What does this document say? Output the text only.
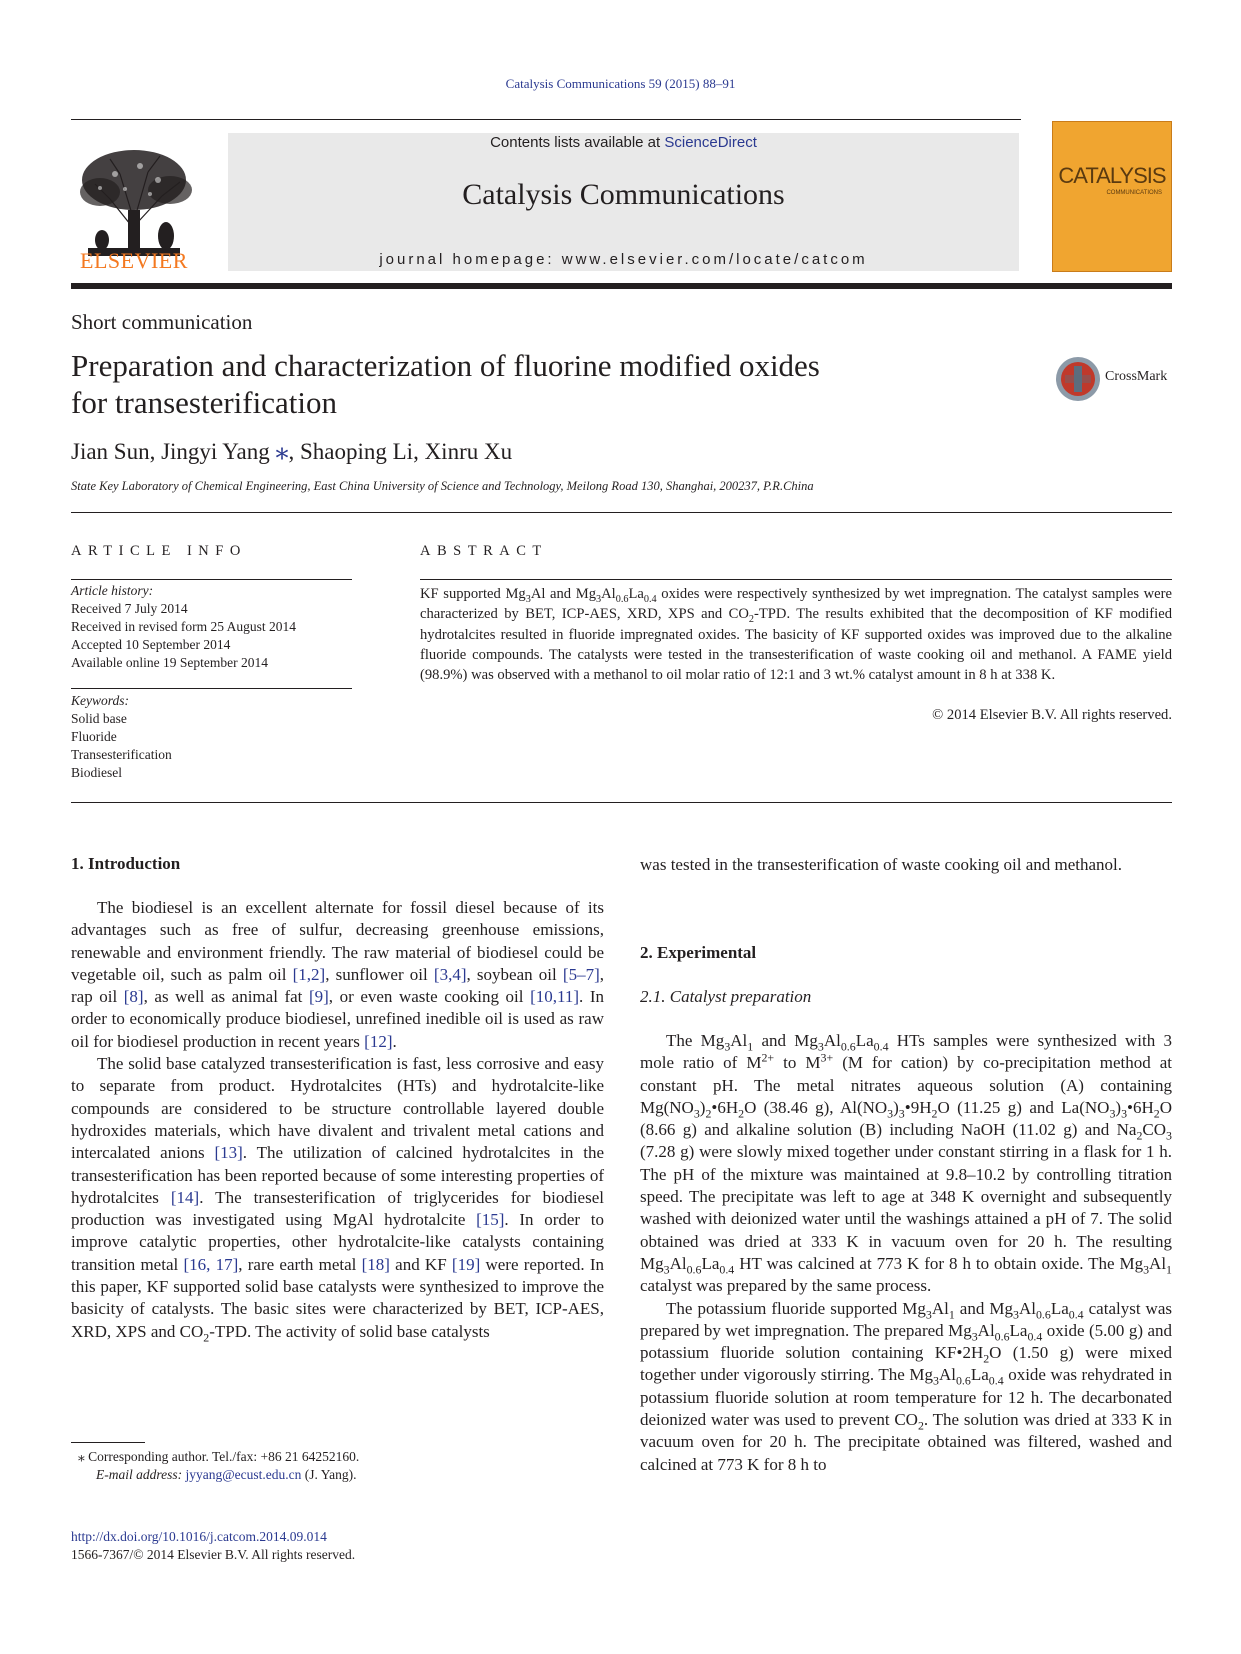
Catalysis Communications 59 (2015) 88–91
ELSEVIER
Contents lists available at ScienceDirect
Catalysis Communications
journal homepage: www.elsevier.com/locate/catcom
CATALYSIS
COMMUNICATIONS
Short communication
Preparation and characterization of fluorine modified oxides
for transesterification
CrossMark
Jian Sun, Jingyi Yang ⁎, Shaoping Li, Xinru Xu
State Key Laboratory of Chemical Engineering, East China University of Science and Technology, Meilong Road 130, Shanghai, 200237, P.R.China
ARTICLE INFO
Article history:
Received 7 July 2014
Received in revised form 25 August 2014
Accepted 10 September 2014
Available online 19 September 2014
Keywords:
Solid base
Fluoride
Transesterification
Biodiesel
ABSTRACT
KF supported $Mg_3Al$ and $Mg_3Al_{0.6}La_{0.4}$ oxides were respectively synthesized by wet impregnation. The catalyst samples were characterized by BET, ICP-AES, XRD, XPS and $CO_2$-TPD. The results exhibited that the decomposition of KF modified hydrotalcites resulted in fluoride impregnated oxides. The basicity of KF supported oxides was improved due to the alkaline fluoride compounds. The catalysts were tested in the transesterification of waste cooking oil and methanol. A FAME yield (98.9%) was observed with a methanol to oil molar ratio of 12:1 and 3 wt.% catalyst amount in 8 h at 338 K.
© 2014 Elsevier B.V. All rights reserved.
1. Introduction

The biodiesel is an excellent alternate for fossil diesel because of its advantages such as free of sulfur, decreasing greenhouse emissions, renewable and environment friendly. The raw material of biodiesel could be vegetable oil, such as palm oil [1,2], sunflower oil [3,4], soybean oil [5–7], rap oil [8], as well as animal fat [9], or even waste cooking oil [10,11]. In order to economically produce biodiesel, unrefined inedible oil is used as raw oil for biodiesel production in recent years [12].

The solid base catalyzed transesterification is fast, less corrosive and easy to separate from product. Hydrotalcites (HTs) and hydrotalcite-like compounds are considered to be structure controllable layered double hydroxides materials, which have divalent and trivalent metal cations and intercalated anions [13]. The utilization of calcined hydrotalcites in the transesterification has been reported because of some interesting properties of hydrotalcites [14]. The transesterification of triglycerides for biodiesel production was investigated using MgAl hydrotalcite [15]. In order to improve catalytic properties, other hydrotalcite-like catalysts containing transition metal [16, 17], rare earth metal [18] and KF [19] were reported. In this paper, KF supported solid base catalysts were synthesized to improve the basicity of catalysts. The basic sites were characterized by BET, ICP-AES, XRD, XPS and $CO_2$-TPD. The activity of solid base catalysts

⁎ Corresponding author. Tel./fax: +86 21 64252160.
E-mail address: jyyang@ecust.edu.cn (J. Yang).
http://dx.doi.org/10.1016/j.catcom.2014.09.014
1566-7367/© 2014 Elsevier B.V. All rights reserved.
was tested in the transesterification of waste cooking oil and methanol.
2. Experimental
2.1. Catalyst preparation

The $Mg_3Al_1$ and $Mg_3Al_{0.6}La_{0.4}$ HTs samples were synthesized with 3 mole ratio of $M^{2+}$ to $M^{3+}$ (M for cation) by co-precipitation method at constant pH. The metal nitrates aqueous solution (A) containing $Mg(NO_3)_2•6H_2O$ (38.46 g), $Al(NO_3)_3•9H_2O$ (11.25 g) and $La(NO_3)_3•6H_2O$ (8.66 g) and alkaline solution (B) including NaOH (11.02 g) and $Na_2CO_3$ (7.28 g) were slowly mixed together under constant stirring in a flask for 1 h. The pH of the mixture was maintained at 9.8–10.2 by controlling titration speed. The precipitate was left to age at 348 K overnight and subsequently washed with deionized water until the washings attained a pH of 7. The solid obtained was dried at 333 K in vacuum oven for 20 h. The resulting $Mg_3Al_{0.6}La_{0.4}$ HT was calcined at 773 K for 8 h to obtain oxide. The $Mg_3Al_1$ catalyst was prepared by the same process.

The potassium fluoride supported $Mg_3Al_1$ and $Mg_3Al_{0.6}La_{0.4}$ catalyst was prepared by wet impregnation. The prepared $Mg_3Al_{0.6}La_{0.4}$ oxide (5.00 g) and potassium fluoride solution containing $KF•2H_2O$ (1.50 g) were mixed together under vigorously stirring. The $Mg_3Al_{0.6}La_{0.4}$ oxide was rehydrated in potassium fluoride solution at room temperature for 12 h. The decarbonated deionized water was used to prevent $CO_2$. The solution was dried at 333 K in vacuum oven for 20 h. The precipitate obtained was filtered, washed and calcined at 773 K for 8 h to
